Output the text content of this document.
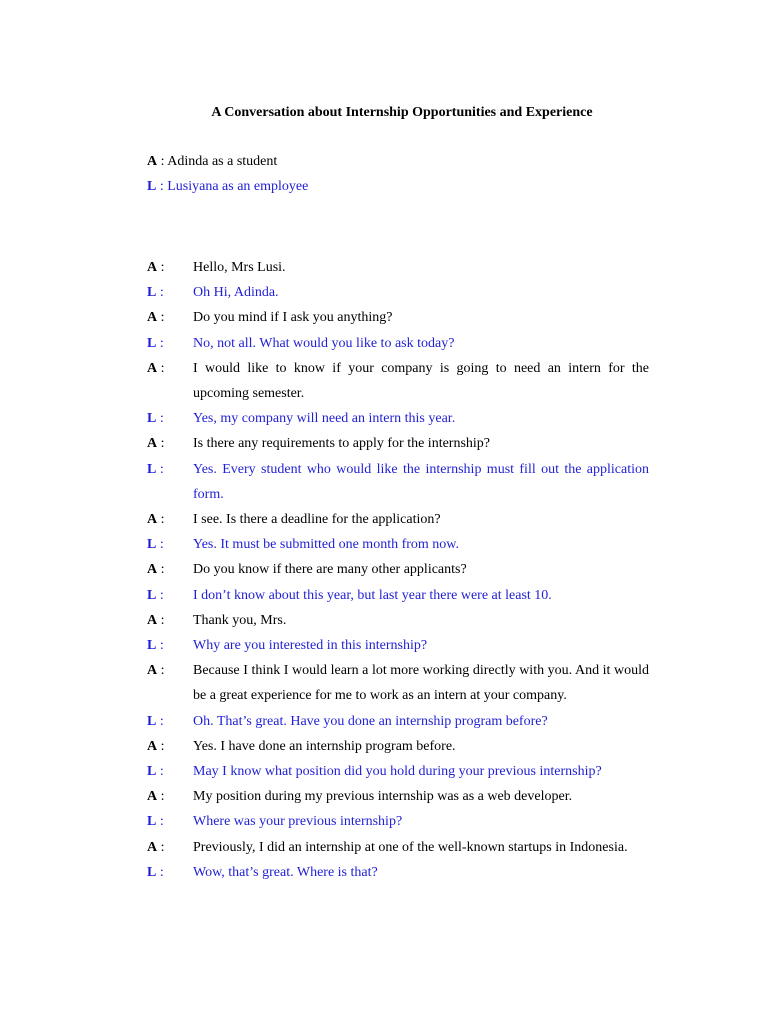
A Conversation about Internship Opportunities and Experience
A : Adinda as a student
L : Lusiyana as an employee
A :	Hello, Mrs Lusi.
L :	Oh Hi, Adinda.
A :	Do you mind if I ask you anything?
L :	No, not all. What would you like to ask today?
A :	I would like to know if your company is going to need an intern for the upcoming semester.
L :	Yes, my company will need an intern this year.
A :	Is there any requirements to apply for the internship?
L :	Yes. Every student who would like the internship must fill out the application form.
A :	I see. Is there a deadline for the application?
L :	Yes. It must be submitted one month from now.
A :	Do you know if there are many other applicants?
L :	I don’t know about this year, but last year there were at least 10.
A :	Thank you, Mrs.
L :	Why are you interested in this internship?
A :	Because I think I would learn a lot more working directly with you. And it would be a great experience for me to work as an intern at your company.
L :	Oh. That’s great. Have you done an internship program before?
A :	Yes. I have done an internship program before.
L :	May I know what position did you hold during your previous internship?
A :	My position during my previous internship was as a web developer.
L :	Where was your previous internship?
A :	Previously, I did an internship at one of the well-known startups in Indonesia.
L :	Wow, that’s great. Where is that?
